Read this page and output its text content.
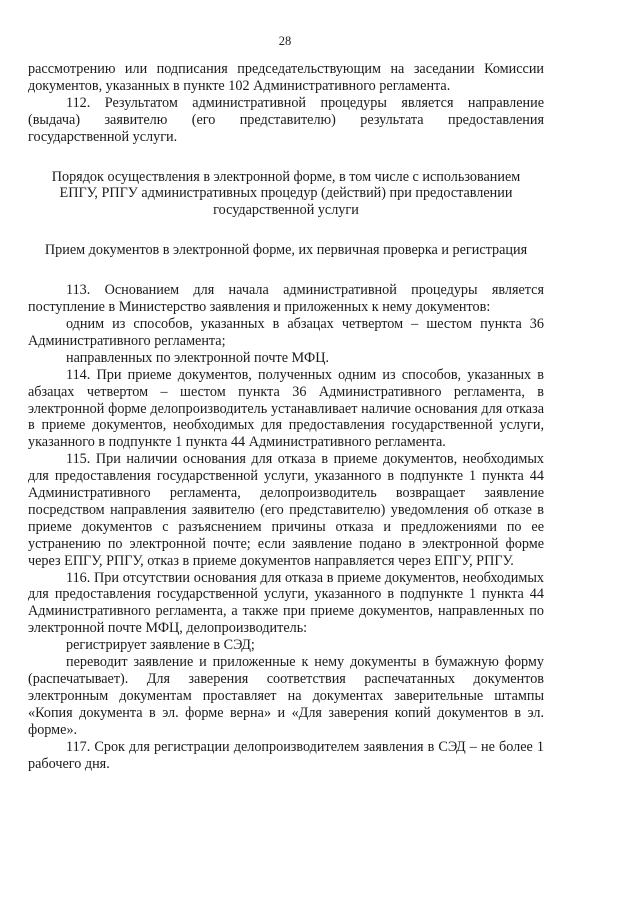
28

рассмотрению или подписания председательствующим на заседании Комиссии документов, указанных в пункте 102 Административного регламента.

112. Результатом административной процедуры является направление (выдача) заявителю (его представителю) результата предоставления государственной услуги.

Порядок осуществления в электронной форме, в том числе с использованием ЕПГУ, РПГУ административных процедур (действий) при предоставлении государственной услуги

Прием документов в электронной форме, их первичная проверка и регистрация

113. Основанием для начала административной процедуры является поступление в Министерство заявления и приложенных к нему документов:

одним из способов, указанных в абзацах четвертом – шестом пункта 36 Административного регламента;

направленных по электронной почте МФЦ.

114. При приеме документов, полученных одним из способов, указанных в абзацах четвертом – шестом пункта 36 Административного регламента, в электронной форме делопроизводитель устанавливает наличие основания для отказа в приеме документов, необходимых для предоставления государственной услуги, указанного в подпункте 1 пункта 44 Административного регламента.

115. При наличии основания для отказа в приеме документов, необходимых для предоставления государственной услуги, указанного в подпункте 1 пункта 44 Административного регламента, делопроизводитель возвращает заявление посредством направления заявителю (его представителю) уведомления об отказе в приеме документов с разъяснением причины отказа и предложениями по ее устранению по электронной почте; если заявление подано в электронной форме через ЕПГУ, РПГУ, отказ в приеме документов направляется через ЕПГУ, РПГУ.

116. При отсутствии основания для отказа в приеме документов, необходимых для предоставления государственной услуги, указанного в подпункте 1 пункта 44 Административного регламента, а также при приеме документов, направленных по электронной почте МФЦ, делопроизводитель:

регистрирует заявление в СЭД;

переводит заявление и приложенные к нему документы в бумажную форму (распечатывает). Для заверения соответствия распечатанных документов электронным документам проставляет на документах заверительные штампы «Копия документа в эл. форме верна» и «Для заверения копий документов в эл. форме».

117. Срок для регистрации делопроизводителем заявления в СЭД – не более 1 рабочего дня.
